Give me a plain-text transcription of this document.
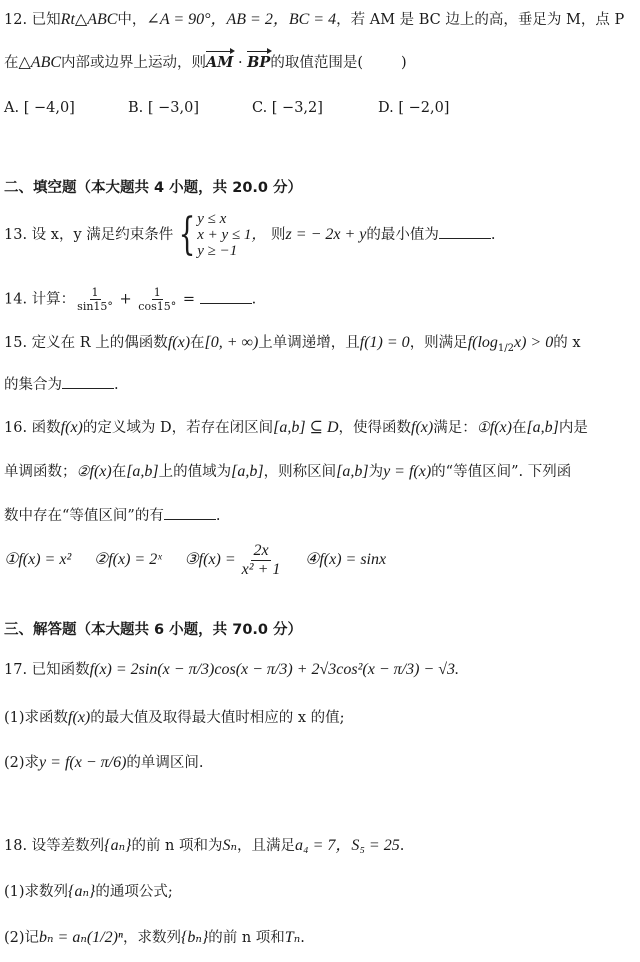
12. 已知Rt△ABC中，∠A = 90°，AB = 2，BC = 4，若 AM 是 BC 边上的高，垂足为 M，点 P
在△ABC内部或边界上运动，则AM · BP的取值范围是(	)
A. [ −4,0]	B. [ −3,0]	C. [ −3,2]	D. [ −2,0]
二、填空题（本大题共 4 小题，共 20.0 分）
13. 设 x，y 满足约束条件 { y ≤ x
x + y ≤ 1，
y ≥ −1
则z = − 2x + y的最小值为	.
14. 计算： $\frac{1}{\sin 15^\circ} + \frac{1}{\cos 15^\circ}$ =	.
15. 定义在 R 上的偶函数f(x)在[0, + ∞)上单调递增，且f(1) = 0，则满足$f(\log_{1/2}x) > 0$的 x
的集合为	.
16. 函数f(x)的定义域为 D，若存在闭区间[a,b] ⊆ D，使得函数f(x)满足：①f(x)在[a,b]内是
单调函数；②f(x)在[a,b]上的值域为[a,b]，则称区间[a,b]为y = f(x)的“等值区间”. 下列函
数中存在“等值区间”的有	.
①f(x) = x² ②f(x) = 2ˣ ③f(x) = $\frac{2x}{\text{x² + 1}}$ ④f(x) = sinx
三、解答题（本大题共 6 小题，共 70.0 分）
17. 已知函数f(x) = 2sin(x − π/3)cos(x − π/3) + 2√3cos²(x − π/3) − √3.
(1)求函数f(x)的最大值及取得最大值时相应的 x 的值;
(2)求y = f(x − π/6)的单调区间.
18. 设等差数列{aₙ}的前 n 项和为Sₙ，且满足a₄ = 7，S₅ = 25.
(1)求数列{aₙ}的通项公式;
(2)记bₙ = aₙ(1/2)ⁿ，求数列{bₙ}的前 n 项和Tₙ.
